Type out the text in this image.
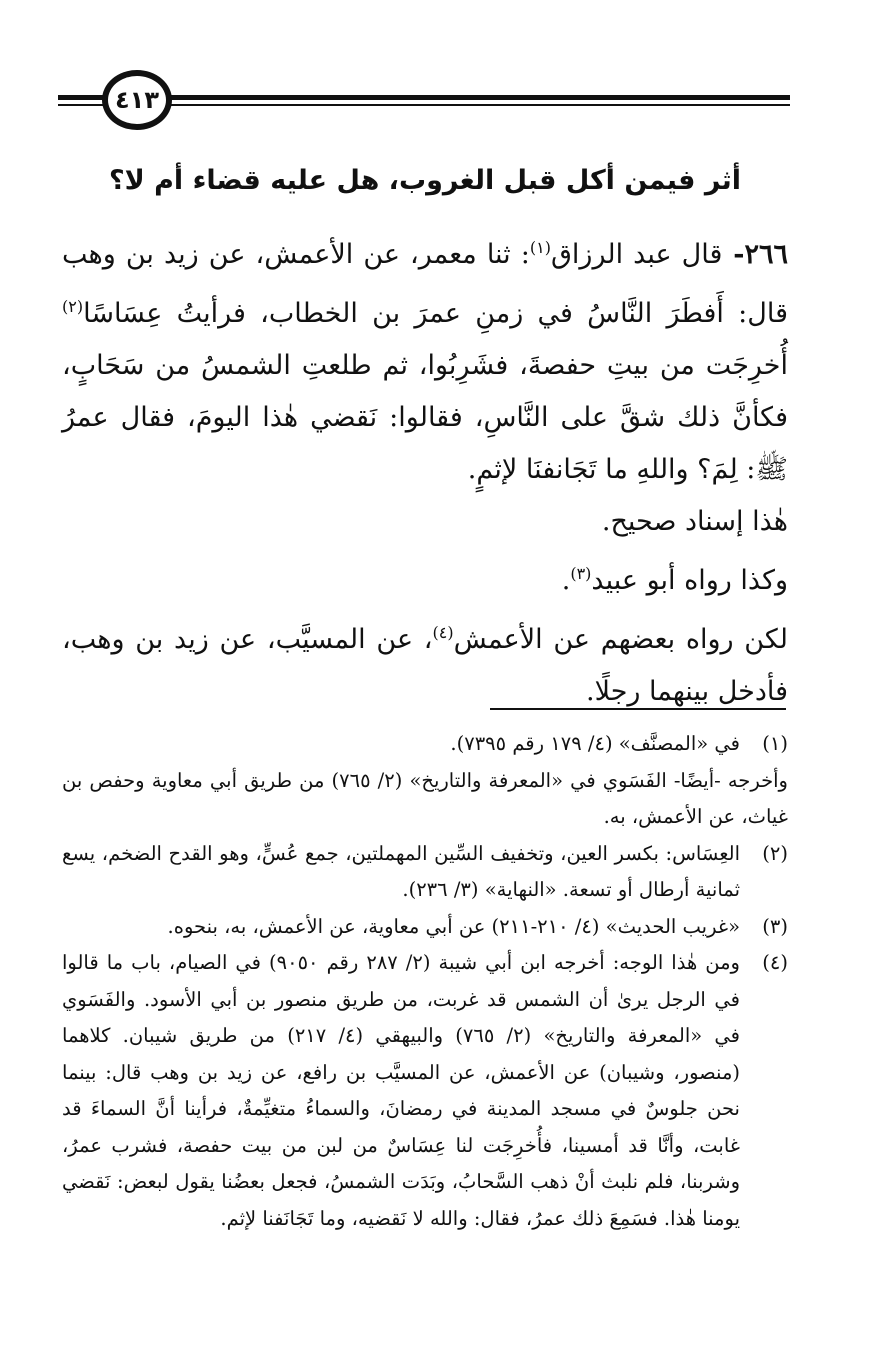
٤١٣
أثر فيمن أكل قبل الغروب، هل عليه قضاء أم لا؟

٢٦٦- قال عبد الرزاق$^{(١)}$: ثنا معمر، عن الأعمش، عن زيد بن وهب قال: أَفطَرَ النَّاسُ في زمنِ عمرَ بن الخطاب، فرأيتُ عِسَاسًا$^{(٢)}$ أُخرِجَت من بيتِ حفصةَ، فشَرِبُوا، ثم طلعتِ الشمسُ من سَحَابٍ، فكأنَّ ذلك شقَّ على النَّاسِ، فقالوا: نَقضي هٰذا اليومَ، فقال عمرُ ﷺ: لِمَ؟ واللهِ ما تَجَانفنَا لإثمٍ.

هٰذا إسناد صحيح.

وكذا رواه أبو عبيد$^{(٣)}$.

لكن رواه بعضهم عن الأعمش$^{(٤)}$، عن المسيَّب، عن زيد بن وهب، فأدخل بينهما رجلًا.

(١)
في «المصنَّف» (٤/ ١٧٩ رقم ٧٣٩٥).
وأخرجه -أيضًا- الفَسَوي في «المعرفة والتاريخ» (٢/ ٧٦٥) من طريق أبي معاوية وحفص بن غياث، عن الأعمش، به.
(٢)
العِسَاس: بكسر العين، وتخفيف السِّين المهملتين، جمع عُسٍّ، وهو القدح الضخم، يسع ثمانية أرطال أو تسعة. «النهاية» (٣/ ٢٣٦).
(٣)
«غريب الحديث» (٤/ ٢١٠-٢١١) عن أبي معاوية، عن الأعمش، به، بنحوه.
(٤)
ومن هٰذا الوجه: أخرجه ابن أبي شيبة (٢/ ٢٨٧ رقم ٩٠٥٠) في الصيام، باب ما قالوا في الرجل يرىٰ أن الشمس قد غربت، من طريق منصور بن أبي الأسود. والفَسَوي في «المعرفة والتاريخ» (٢/ ٧٦٥) والبيهقي (٤/ ٢١٧) من طريق شيبان. كلاهما (منصور، وشيبان) عن الأعمش، عن المسيَّب بن رافع، عن زيد بن وهب قال: بينما نحن جلوسٌ في مسجد المدينة في رمضانَ، والسماءُ متغيِّمةٌ، فرأينا أنَّ السماءَ قد غابت، وأنَّا قد أمسينا، فأُخرِجَت لنا عِسَاسٌ من لبن من بيت حفصة، فشرب عمرُ، وشربنا، فلم نلبث أنْ ذهب السَّحابُ، وبَدَت الشمسُ، فجعل بعضُنا يقول لبعض: نَقضي يومنا هٰذا. فسَمِعَ ذلك عمرُ، فقال: والله لا نَقضيه، وما تَجَانَفنا لإثم.
